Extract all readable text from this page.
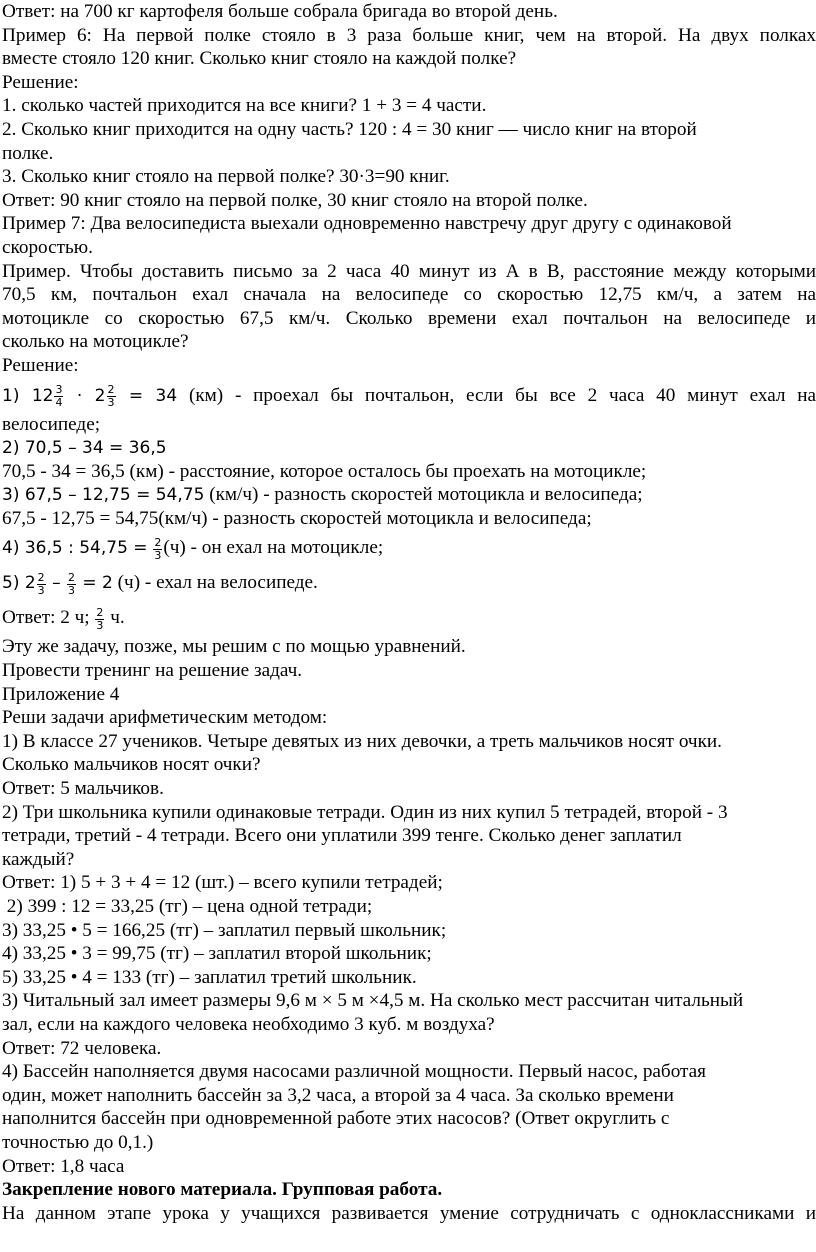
Ответ: на 700 кг картофеля больше собрала бригада во второй день.
Пример 6: На первой полке стояло в 3 раза больше книг, чем на второй. На двух полках
вместе стояло 120 книг. Сколько книг стояло на каждой полке?
Решение:
1. сколько частей приходится на все книги? 1 + 3 = 4 части.
2. Сколько книг приходится на одну часть? 120 : 4 = 30 книг — число книг на второй
полке.
3. Сколько книг стояло на первой полке? 30·3=90 книг.
Ответ: 90 книг стояло на первой полке, 30 книг стояло на второй полке.
Пример 7: Два велосипедиста выехали одновременно навстречу друг другу с одинаковой
скоростью.
Пример. Чтобы доставить письмо за 2 часа 40 минут из А в В, расстояние между которыми
70,5 км, почтальон ехал сначала на велосипеде со скоростью 12,75 км/ч, а затем на
мотоцикле со скоростью 67,5 км/ч. Сколько времени ехал почтальон на велосипеде и
сколько на мотоцикле?
Решение:
1) $12 \frac{3}{4} \cdot 2 \frac{2}{3} = 34$ (км) - проехал бы почтальон, если бы все 2 часа 40 минут ехал на
велосипеде;
2) 70,5 – 34 = 36,5
70,5 - 34 = 36,5 (км) - расстояние, которое осталось бы проехать на мотоцикле;
3) 67,5 – 12,75 = 54,75 (км/ч) - разность скоростей мотоцикла и велосипеда;
67,5 - 12,75 = 54,75(км/ч) - разность скоростей мотоцикла и велосипеда;
4) 36,5 : $54,75 = \frac{2}{3} (ч)$ - он ехал на мотоцикле;
5) $2 \frac{2}{3} - \frac{2}{3} = 2$ (ч) - ехал на велосипеде.
Ответ: 2 ч; $\frac{2}{3} ч$.
Эту же задачу, позже, мы решим с по мощью уравнений.
Провести тренинг на решение задач.
Приложение 4
Реши задачи арифметическим методом:
1) В классе 27 учеников. Четыре девятых из них девочки, а треть мальчиков носят очки.
Сколько мальчиков носят очки?
Ответ: 5 мальчиков.
2) Три школьника купили одинаковые тетради. Один из них купил 5 тетрадей, второй - 3
тетради, третий - 4 тетради. Всего они уплатили 399 тенге. Сколько денег заплатил
каждый?
Ответ: 1) 5 + 3 + 4 = 12 (шт.) – всего купили тетрадей;
2) 399 : 12 = 33,25 (тг) – цена одной тетради;
3) 33,25 • 5 = 166,25 (тг) – заплатил первый школьник;
4) 33,25 • 3 = 99,75 (тг) – заплатил второй школьник;
5) 33,25 • 4 = 133 (тг) – заплатил третий школьник.
3) Читальный зал имеет размеры 9,6 м × 5 м ×4,5 м. На сколько мест рассчитан читальный
зал, если на каждого человека необходимо 3 куб. м воздуха?
Ответ: 72 человека.
4) Бассейн наполняется двумя насосами различной мощности. Первый насос, работая
один, может наполнить бассейн за 3,2 часа, а второй за 4 часа. За сколько времени
наполнится бассейн при одновременной работе этих насосов? (Ответ округлить с
точностью до 0,1.)
Ответ: 1,8 часа
Закрепление нового материала. Групповая работа.
На данном этапе урока у учащихся развивается умение сотрудничать с одноклассниками и
